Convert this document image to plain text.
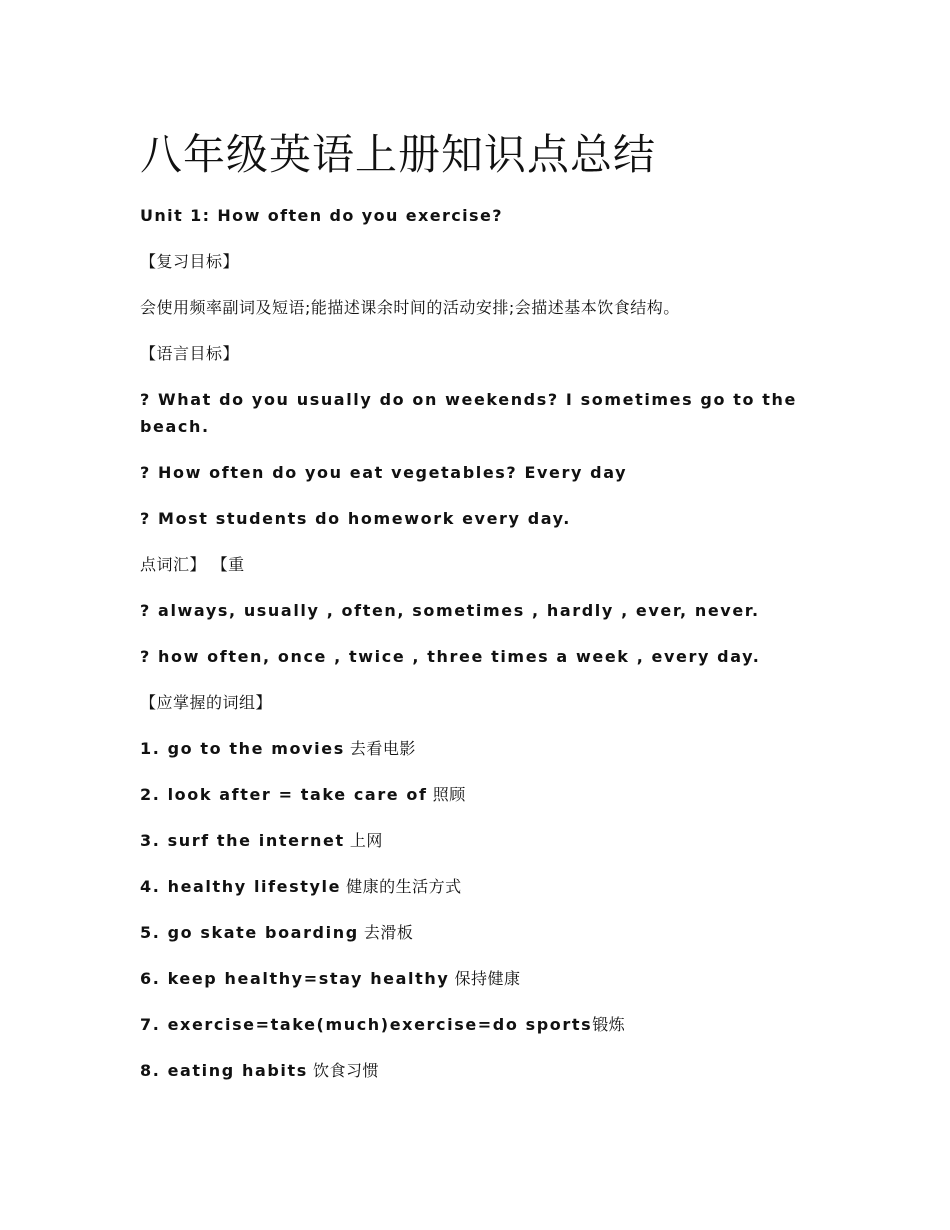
八年级英语上册知识点总结

Unit 1: How often do you exercise?

【复习目标】

会使用频率副词及短语;能描述课余时间的活动安排;会描述基本饮食结构。

【语言目标】

? What do you usually do on weekends? I sometimes go to the beach.

? How often do you eat vegetables? Every day

? Most students do homework every day.

点词汇】 【重

? always, usually , often, sometimes , hardly , ever, never.

? how often, once , twice , three times a week , every day.

【应掌握的词组】

1. go to the movies 去看电影

2. look after = take care of 照顾

3. surf the internet 上网

4. healthy lifestyle 健康的生活方式

5. go skate boarding 去滑板

6. keep healthy=stay healthy 保持健康

7. exercise=take(much)exercise=do sports锻炼

8. eating habits 饮食习惯
